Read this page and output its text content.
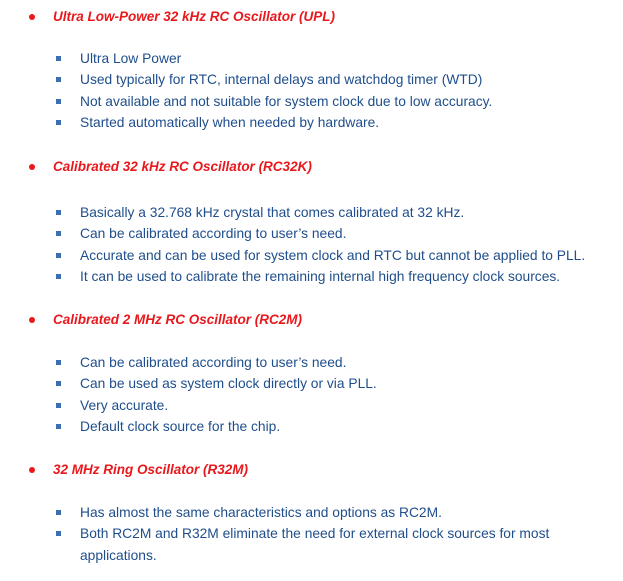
Ultra Low-Power 32 kHz RC Oscillator (UPL)
Ultra Low Power
Used typically for RTC, internal delays and watchdog timer (WTD)
Not available and not suitable for system clock due to low accuracy.
Started automatically when needed by hardware.
Calibrated 32 kHz RC Oscillator (RC32K)
Basically a 32.768 kHz crystal that comes calibrated at 32 kHz.
Can be calibrated according to user’s need.
Accurate and can be used for system clock and RTC but cannot be applied to PLL.
It can be used to calibrate the remaining internal high frequency clock sources.
Calibrated 2 MHz RC Oscillator (RC2M)
Can be calibrated according to user’s need.
Can be used as system clock directly or via PLL.
Very accurate.
Default clock source for the chip.
32 MHz Ring Oscillator (R32M)
Has almost the same characteristics and options as RC2M.
Both RC2M and R32M eliminate the need for external clock sources for most applications.
